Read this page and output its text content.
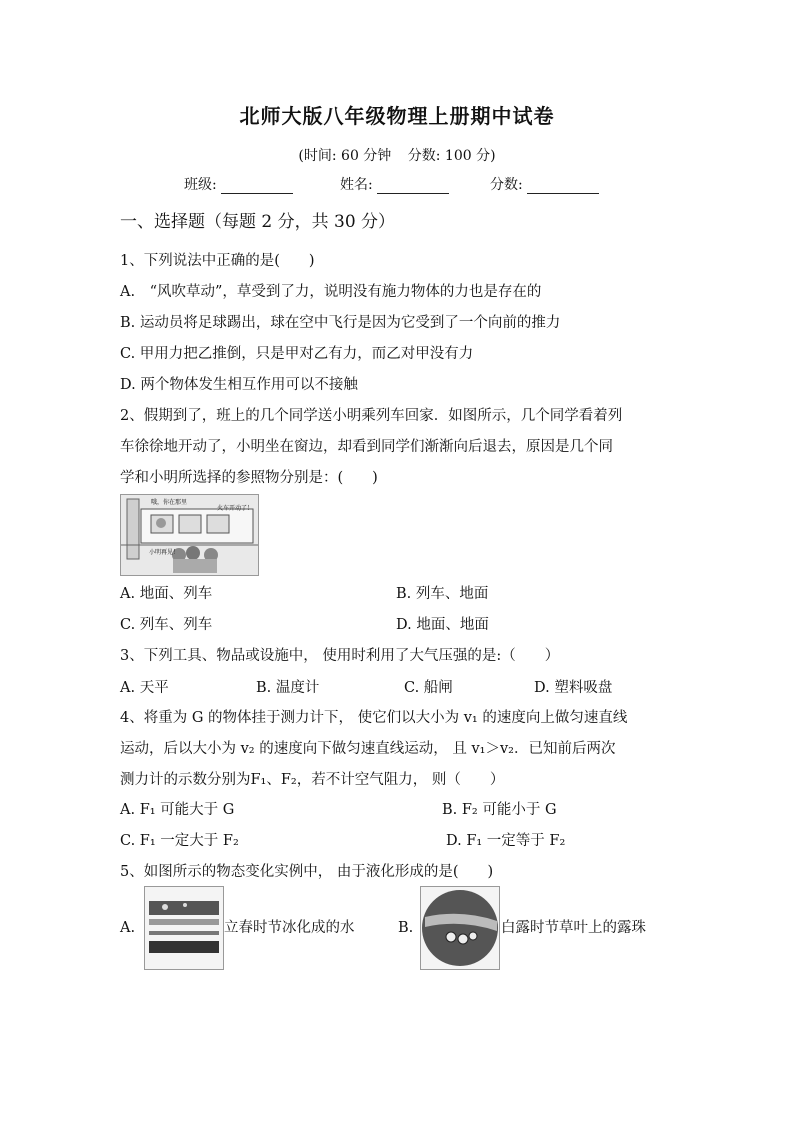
北师大版八年级物理上册期中试卷
(时间: 60 分钟 分数: 100 分)
班级:	姓名:	分数:
一、选择题（每题 2 分，共 30 分）
1、下列说法中正确的是(　　)
A.　“风吹草动”，草受到了力，说明没有施力物体的力也是存在的
B. 运动员将足球踢出，球在空中飞行是因为它受到了一个向前的推力
C. 甲用力把乙推倒，只是甲对乙有力，而乙对甲没有力
D. 两个物体发生相互作用可以不接触
2、假期到了，班上的几个同学送小明乘列车回家．如图所示，几个同学看着列
车徐徐地开动了，小明坐在窗边，却看到同学们渐渐向后退去，原因是几个同
学和小明所选择的参照物分别是：(　　)
哦，你在那里
火车开动了！
小明再见！
A. 地面、列车	B. 列车、地面
C. 列车、列车	D. 地面、地面
3、下列工具、物品或设施中， 使用时利用了大气压强的是:（　　）
A. 天平	B. 温度计	C. 船闸	D. 塑料吸盘
4、将重为 G 的物体挂于测力计下， 使它们以大小为 v₁ 的速度向上做匀速直线
运动，后以大小为 v₂ 的速度向下做匀速直线运动， 且 v₁＞v₂．已知前后两次
测力计的示数分别为F₁、F₂，若不计空气阻力， 则（　　）
A. F₁ 可能大于 G	B. F₂ 可能小于 G
C. F₁ 一定大于 F₂	D. F₁ 一定等于 F₂
5、如图所示的物态变化实例中， 由于液化形成的是(　　)
A.	立春时节冰化成的水	B.	白露时节草叶上的露珠
